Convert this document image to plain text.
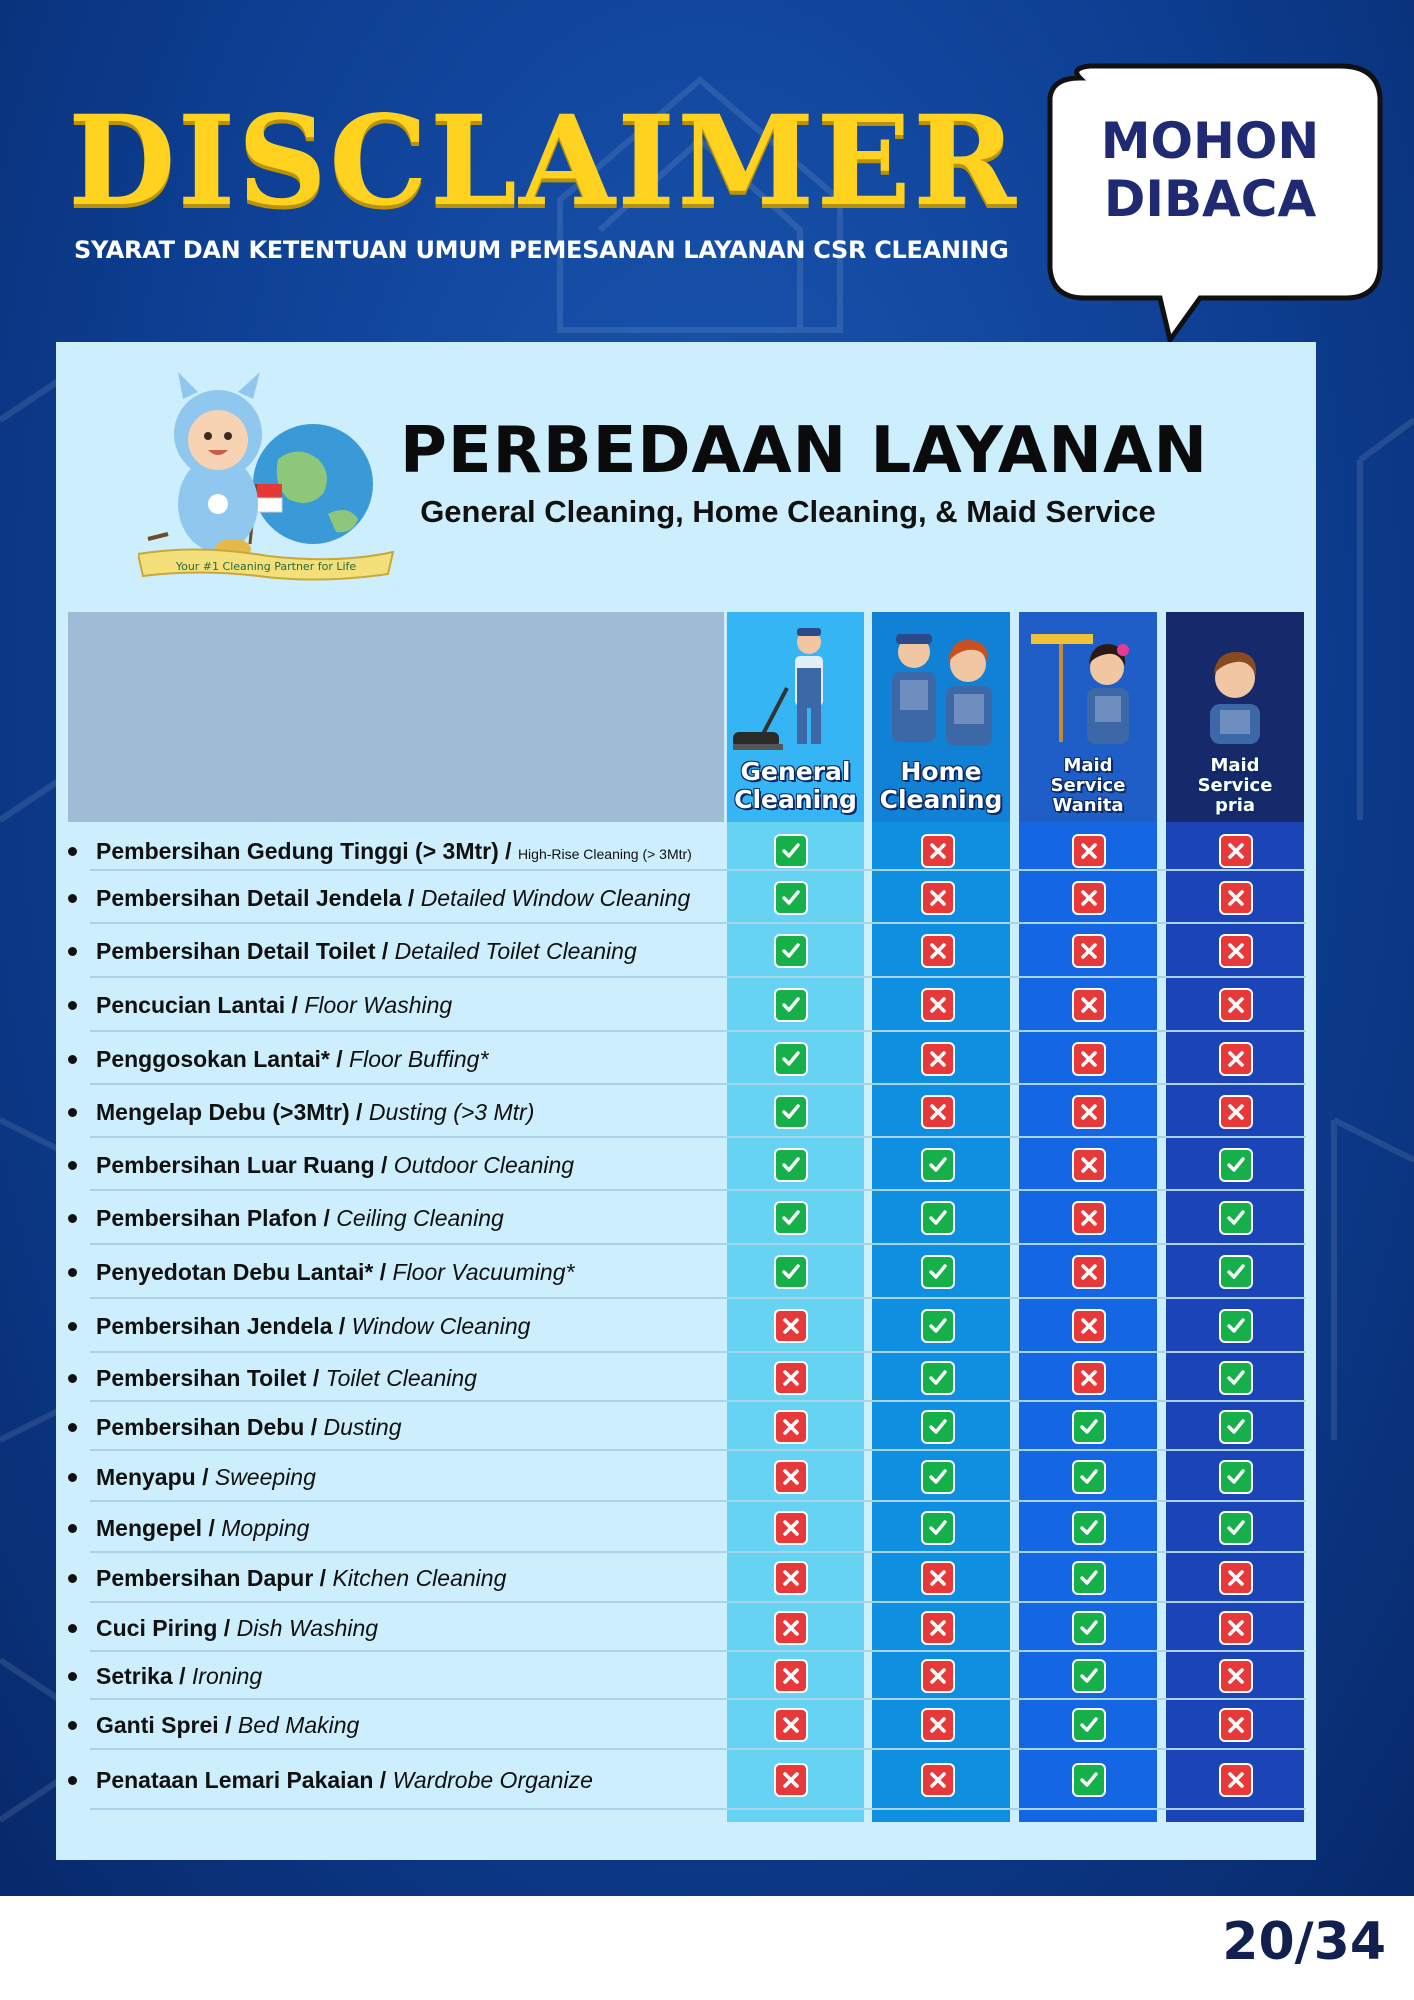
DISCLAIMER
SYARAT DAN KETENTUAN UMUM PEMESANAN LAYANAN CSR CLEANING
MOHON
DIBACA
Your #1 Cleaning Partner for Life
PERBEDAAN LAYANAN
General Cleaning, Home Cleaning, & Maid Service
General
Cleaning
Home
Cleaning
Maid
Service
Wanita
Maid
Service
pria
Pembersihan Gedung Tinggi (> 3Mtr) / High-Rise Cleaning (> 3Mtr)
Pembersihan Detail Jendela / Detailed Window Cleaning
Pembersihan Detail Toilet / Detailed Toilet Cleaning
Pencucian Lantai / Floor Washing
Penggosokan Lantai* / Floor Buffing*
Mengelap Debu (>3Mtr) / Dusting (>3 Mtr)
Pembersihan Luar Ruang / Outdoor Cleaning
Pembersihan Plafon / Ceiling Cleaning
Penyedotan Debu Lantai* / Floor Vacuuming*
Pembersihan Jendela / Window Cleaning
Pembersihan Toilet / Toilet Cleaning
Pembersihan Debu / Dusting
Menyapu / Sweeping
Mengepel / Mopping
Pembersihan Dapur / Kitchen Cleaning
Cuci Piring / Dish Washing
Setrika / Ironing
Ganti Sprei / Bed Making
Penataan Lemari Pakaian / Wardrobe Organize
20/34
